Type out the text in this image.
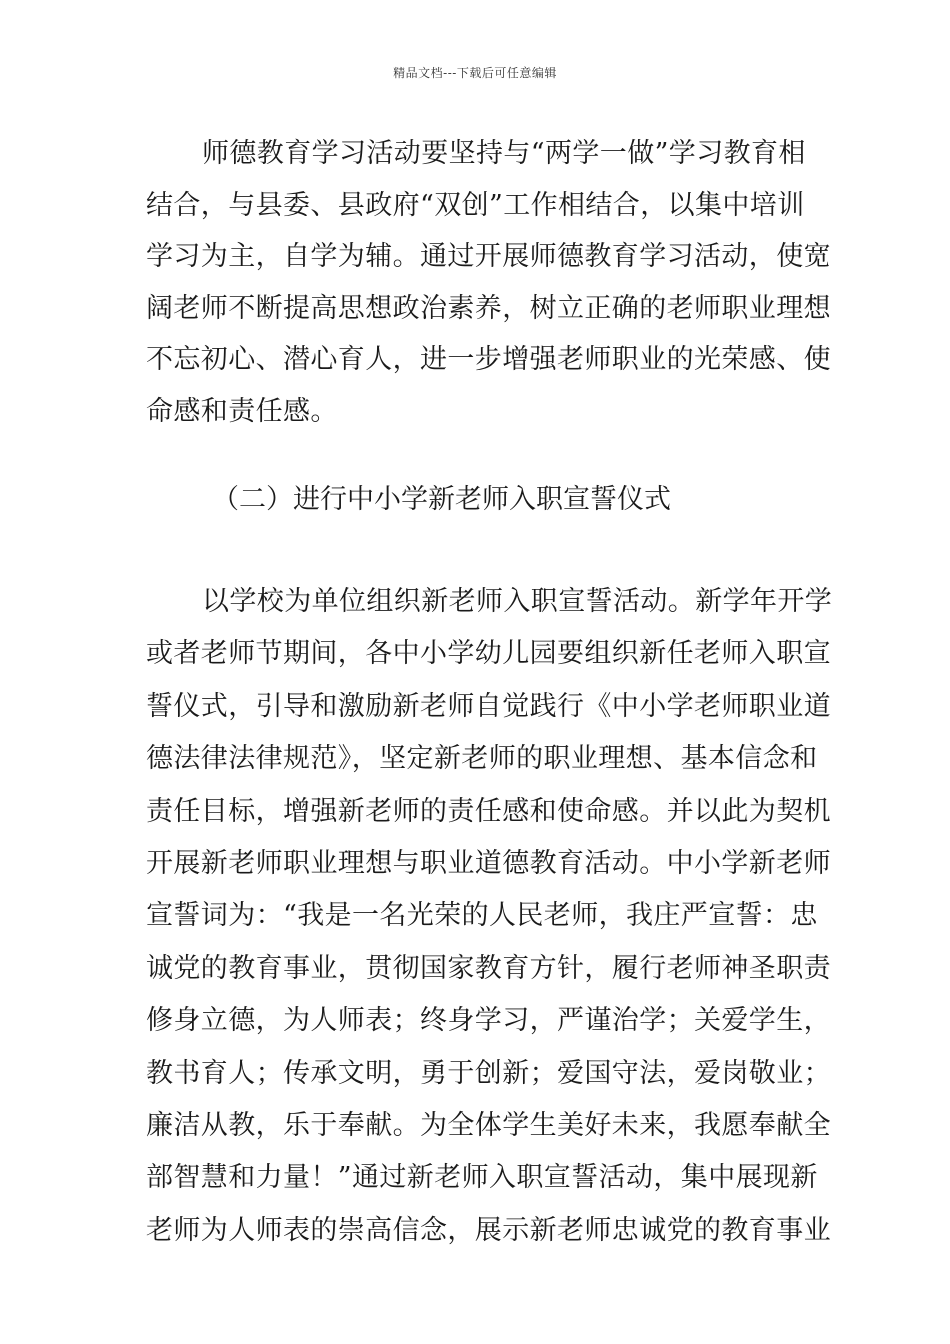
精品文档---下载后可任意编辑
师德教育学习活动要坚持与“两学一做”学习教育相
结合，与县委、县政府“双创”工作相结合，以集中培训
学习为主，自学为辅。通过开展师德教育学习活动，使宽
阔老师不断提高思想政治素养，树立正确的老师职业理想
不忘初心、潜心育人，进一步增强老师职业的光荣感、使
命感和责任感。
（二）进行中小学新老师入职宣誓仪式
以学校为单位组织新老师入职宣誓活动。新学年开学
或者老师节期间，各中小学幼儿园要组织新任老师入职宣
誓仪式，引导和激励新老师自觉践行《中小学老师职业道
德法律法律规范》，坚定新老师的职业理想、基本信念和
责任目标，增强新老师的责任感和使命感。并以此为契机
开展新老师职业理想与职业道德教育活动。中小学新老师
宣誓词为：“我是一名光荣的人民老师，我庄严宣誓：忠
诚党的教育事业，贯彻国家教育方针，履行老师神圣职责
修身立德，为人师表；终身学习，严谨治学；关爱学生，
教书育人；传承文明，勇于创新；爱国守法，爱岗敬业；
廉洁从教，乐于奉献。为全体学生美好未来，我愿奉献全
部智慧和力量！”通过新老师入职宣誓活动，集中展现新
老师为人师表的崇高信念，展示新老师忠诚党的教育事业
